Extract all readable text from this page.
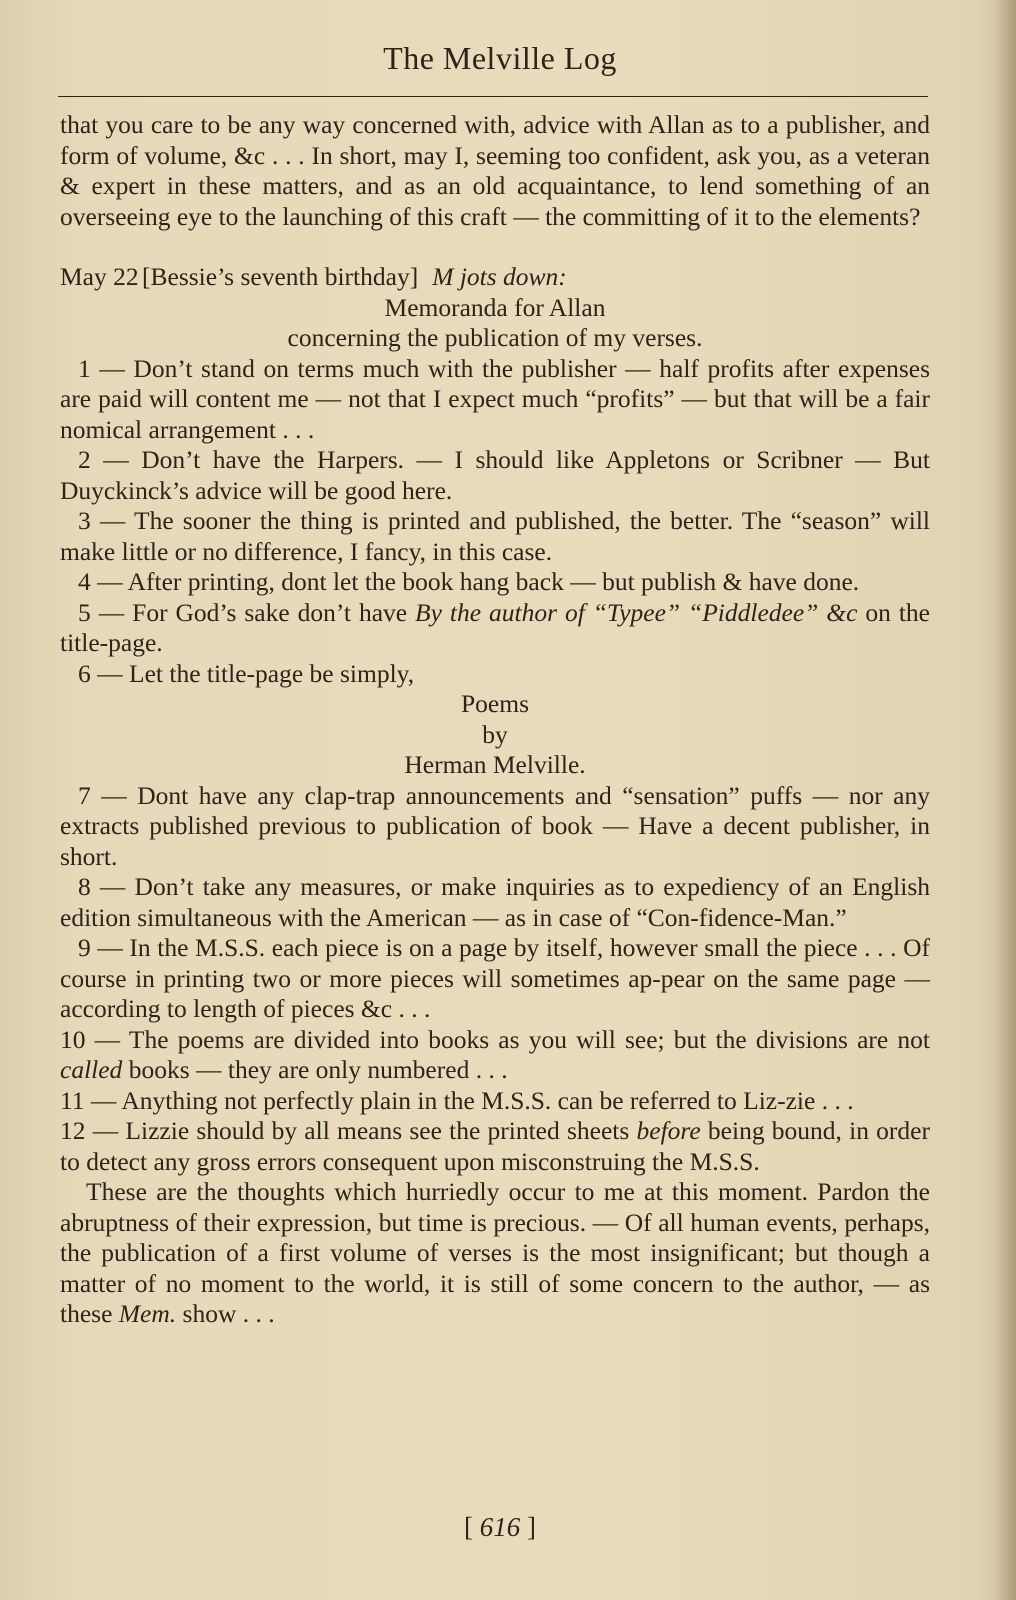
The Melville Log

that you care to be any way concerned with, advice with Allan as to a publisher, and form of volume, &c . . . In short, may I, seeming too confident, ask you, as a veteran & expert in these matters, and as an old acquaintance, to lend something of an overseeing eye to the launching of this craft — the committing of it to the elements?

May 22 [Bessie’s seventh birthday] M jots down:

Memoranda for Allan

concerning the publication of my verses.

1 — Don’t stand on terms much with the publisher — half profits after expenses are paid will content me — not that I expect much “profits” — but that will be a fair nomical arrangement . . .

2 — Don’t have the Harpers. — I should like Appletons or Scribner — But Duyckinck’s advice will be good here.

3 — The sooner the thing is printed and published, the better. The “season” will make little or no difference, I fancy, in this case.

4 — After printing, dont let the book hang back — but publish & have done.

5 — For God’s sake don’t have By the author of “Typee” “Piddledee” &c on the title-page.

6 — Let the title-page be simply,

Poems

by

Herman Melville.

7 — Dont have any clap-trap announcements and “sensation” puffs — nor any extracts published previous to publication of book — Have a decent publisher, in short.

8 — Don’t take any measures, or make inquiries as to expediency of an English edition simultaneous with the American — as in case of “Con-fidence-Man.”

9 — In the M.S.S. each piece is on a page by itself, however small the piece . . . Of course in printing two or more pieces will sometimes ap-pear on the same page — according to length of pieces &c . . .

10 — The poems are divided into books as you will see; but the divisions are not called books — they are only numbered . . .

11 — Anything not perfectly plain in the M.S.S. can be referred to Liz-zie . . .

12 — Lizzie should by all means see the printed sheets before being bound, in order to detect any gross errors consequent upon misconstruing the M.S.S.

These are the thoughts which hurriedly occur to me at this moment. Pardon the abruptness of their expression, but time is precious. — Of all human events, perhaps, the publication of a first volume of verses is the most insignificant; but though a matter of no moment to the world, it is still of some concern to the author, — as these Mem. show . . .

[ 616 ]
